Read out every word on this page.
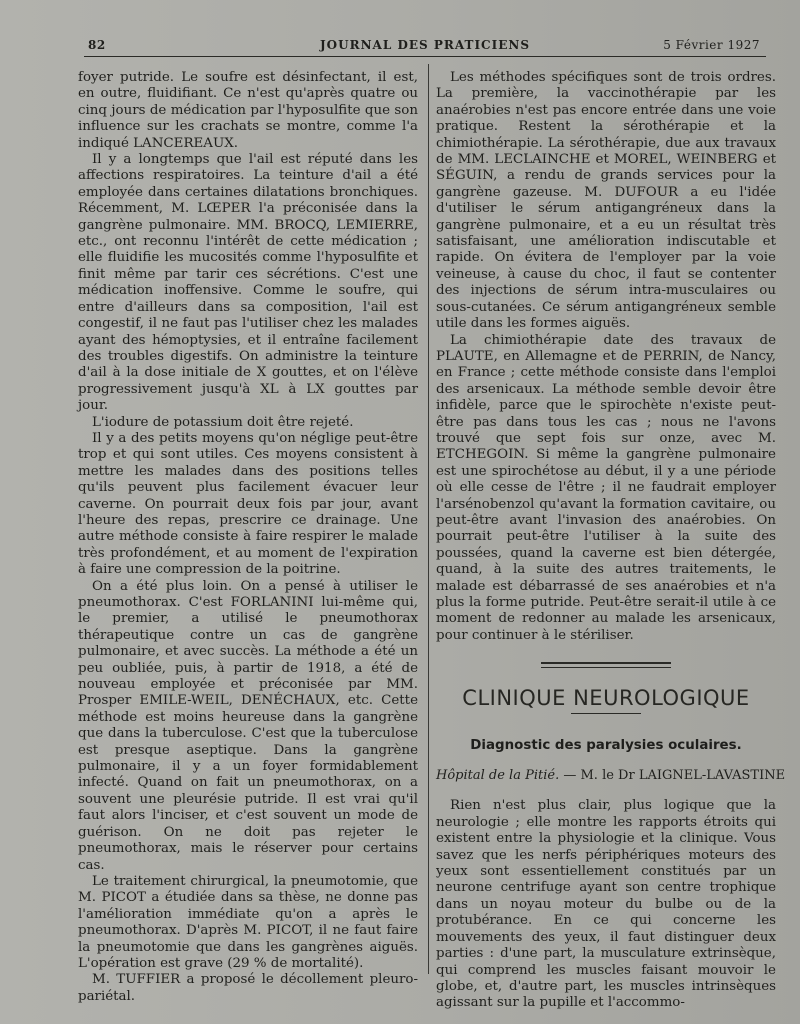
82	JOURNAL DES PRATICIENS	5 Février 1927

foyer putride. Le soufre est désinfectant, il est, en outre, fluidifiant. Ce n'est qu'après quatre ou cinq jours de médication par l'hyposulfite que son influence sur les crachats se montre, comme l'a indiqué LANCEREAUX.

Il y a longtemps que l'ail est réputé dans les affections respiratoires. La teinture d'ail a été employée dans certaines dilatations bronchiques. Récemment, M. LŒPER l'a préconisée dans la gangrène pulmonaire. MM. BROCQ, LEMIERRE, etc., ont reconnu l'intérêt de cette médication ; elle fluidifie les mucosités comme l'hyposulfite et finit même par tarir ces sécrétions. C'est une médication inoffensive. Comme le soufre, qui entre d'ailleurs dans sa composition, l'ail est congestif, il ne faut pas l'utiliser chez les malades ayant des hémoptysies, et il entraîne facilement des troubles digestifs. On administre la teinture d'ail à la dose initiale de X gouttes, et on l'élève progressivement jusqu'à XL à LX gouttes par jour.

L'iodure de potassium doit être rejeté.

Il y a des petits moyens qu'on néglige peut-être trop et qui sont utiles. Ces moyens consistent à mettre les malades dans des positions telles qu'ils peuvent plus facilement évacuer leur caverne. On pourrait deux fois par jour, avant l'heure des repas, prescrire ce drainage. Une autre méthode consiste à faire respirer le malade très profondément, et au moment de l'expiration à faire une compression de la poitrine.

On a été plus loin. On a pensé à utiliser le pneumothorax. C'est FORLANINI lui-même qui, le premier, a utilisé le pneumothorax thérapeutique contre un cas de gangrène pulmonaire, et avec succès. La méthode a été un peu oubliée, puis, à partir de 1918, a été de nouveau employée et préconisée par MM. Prosper EMILE-WEIL, DENÉCHAUX, etc. Cette méthode est moins heureuse dans la gangrène que dans la tuberculose. C'est que la tuberculose est presque aseptique. Dans la gangrène pulmonaire, il y a un foyer formidablement infecté. Quand on fait un pneumothorax, on a souvent une pleurésie putride. Il est vrai qu'il faut alors l'inciser, et c'est souvent un mode de guérison. On ne doit pas rejeter le pneumothorax, mais le réserver pour certains cas.

Le traitement chirurgical, la pneumotomie, que M. PICOT a étudiée dans sa thèse, ne donne pas l'amélioration immédiate qu'on a après le pneumothorax. D'après M. PICOT, il ne faut faire la pneumotomie que dans les gangrènes aiguës. L'opération est grave (29 % de mortalité).

M. TUFFIER a proposé le décollement pleuro-pariétal.

Les méthodes spécifiques sont de trois ordres. La première, la vaccinothérapie par les anaérobies n'est pas encore entrée dans une voie pratique. Restent la sérothérapie et la chimiothérapie. La sérothérapie, due aux travaux de MM. LECLAINCHE et MOREL, WEINBERG et SÉGUIN, a rendu de grands services pour la gangrène gazeuse. M. DUFOUR a eu l'idée d'utiliser le sérum antigangréneux dans la gangrène pulmonaire, et a eu un résultat très satisfaisant, une amélioration indiscutable et rapide. On évitera de l'employer par la voie veineuse, à cause du choc, il faut se contenter des injections de sérum intra-musculaires ou sous-cutanées. Ce sérum antigangréneux semble utile dans les formes aiguës.

La chimiothérapie date des travaux de PLAUTE, en Allemagne et de PERRIN, de Nancy, en France ; cette méthode consiste dans l'emploi des arsenicaux. La méthode semble devoir être infidèle, parce que le spirochète n'existe peut-être pas dans tous les cas ; nous ne l'avons trouvé que sept fois sur onze, avec M. ETCHEGOIN. Si même la gangrène pulmonaire est une spirochétose au début, il y a une période où elle cesse de l'être ; il ne faudrait employer l'arsénobenzol qu'avant la formation cavitaire, ou peut-être avant l'invasion des anaérobies. On pourrait peut-être l'utiliser à la suite des poussées, quand la caverne est bien détergée, quand, à la suite des autres traitements, le malade est débarrassé de ses anaérobies et n'a plus la forme putride. Peut-être serait-il utile à ce moment de redonner au malade les arsenicaux, pour continuer à le stériliser.

CLINIQUE NEUROLOGIQUE
Diagnostic des paralysies oculaires.

Hôpital de la Pitié. — M. le Dr LAIGNEL-LAVASTINE

Rien n'est plus clair, plus logique que la neurologie ; elle montre les rapports étroits qui existent entre la physiologie et la clinique. Vous savez que les nerfs périphériques moteurs des yeux sont essentiellement constitués par un neurone centrifuge ayant son centre trophique dans un noyau moteur du bulbe ou de la protubérance. En ce qui concerne les mouvements des yeux, il faut distinguer deux parties : d'une part, la musculature extrinsèque, qui comprend les muscles faisant mouvoir le globe, et, d'autre part, les muscles intrinsèques agissant sur la pupille et l'accommo-
